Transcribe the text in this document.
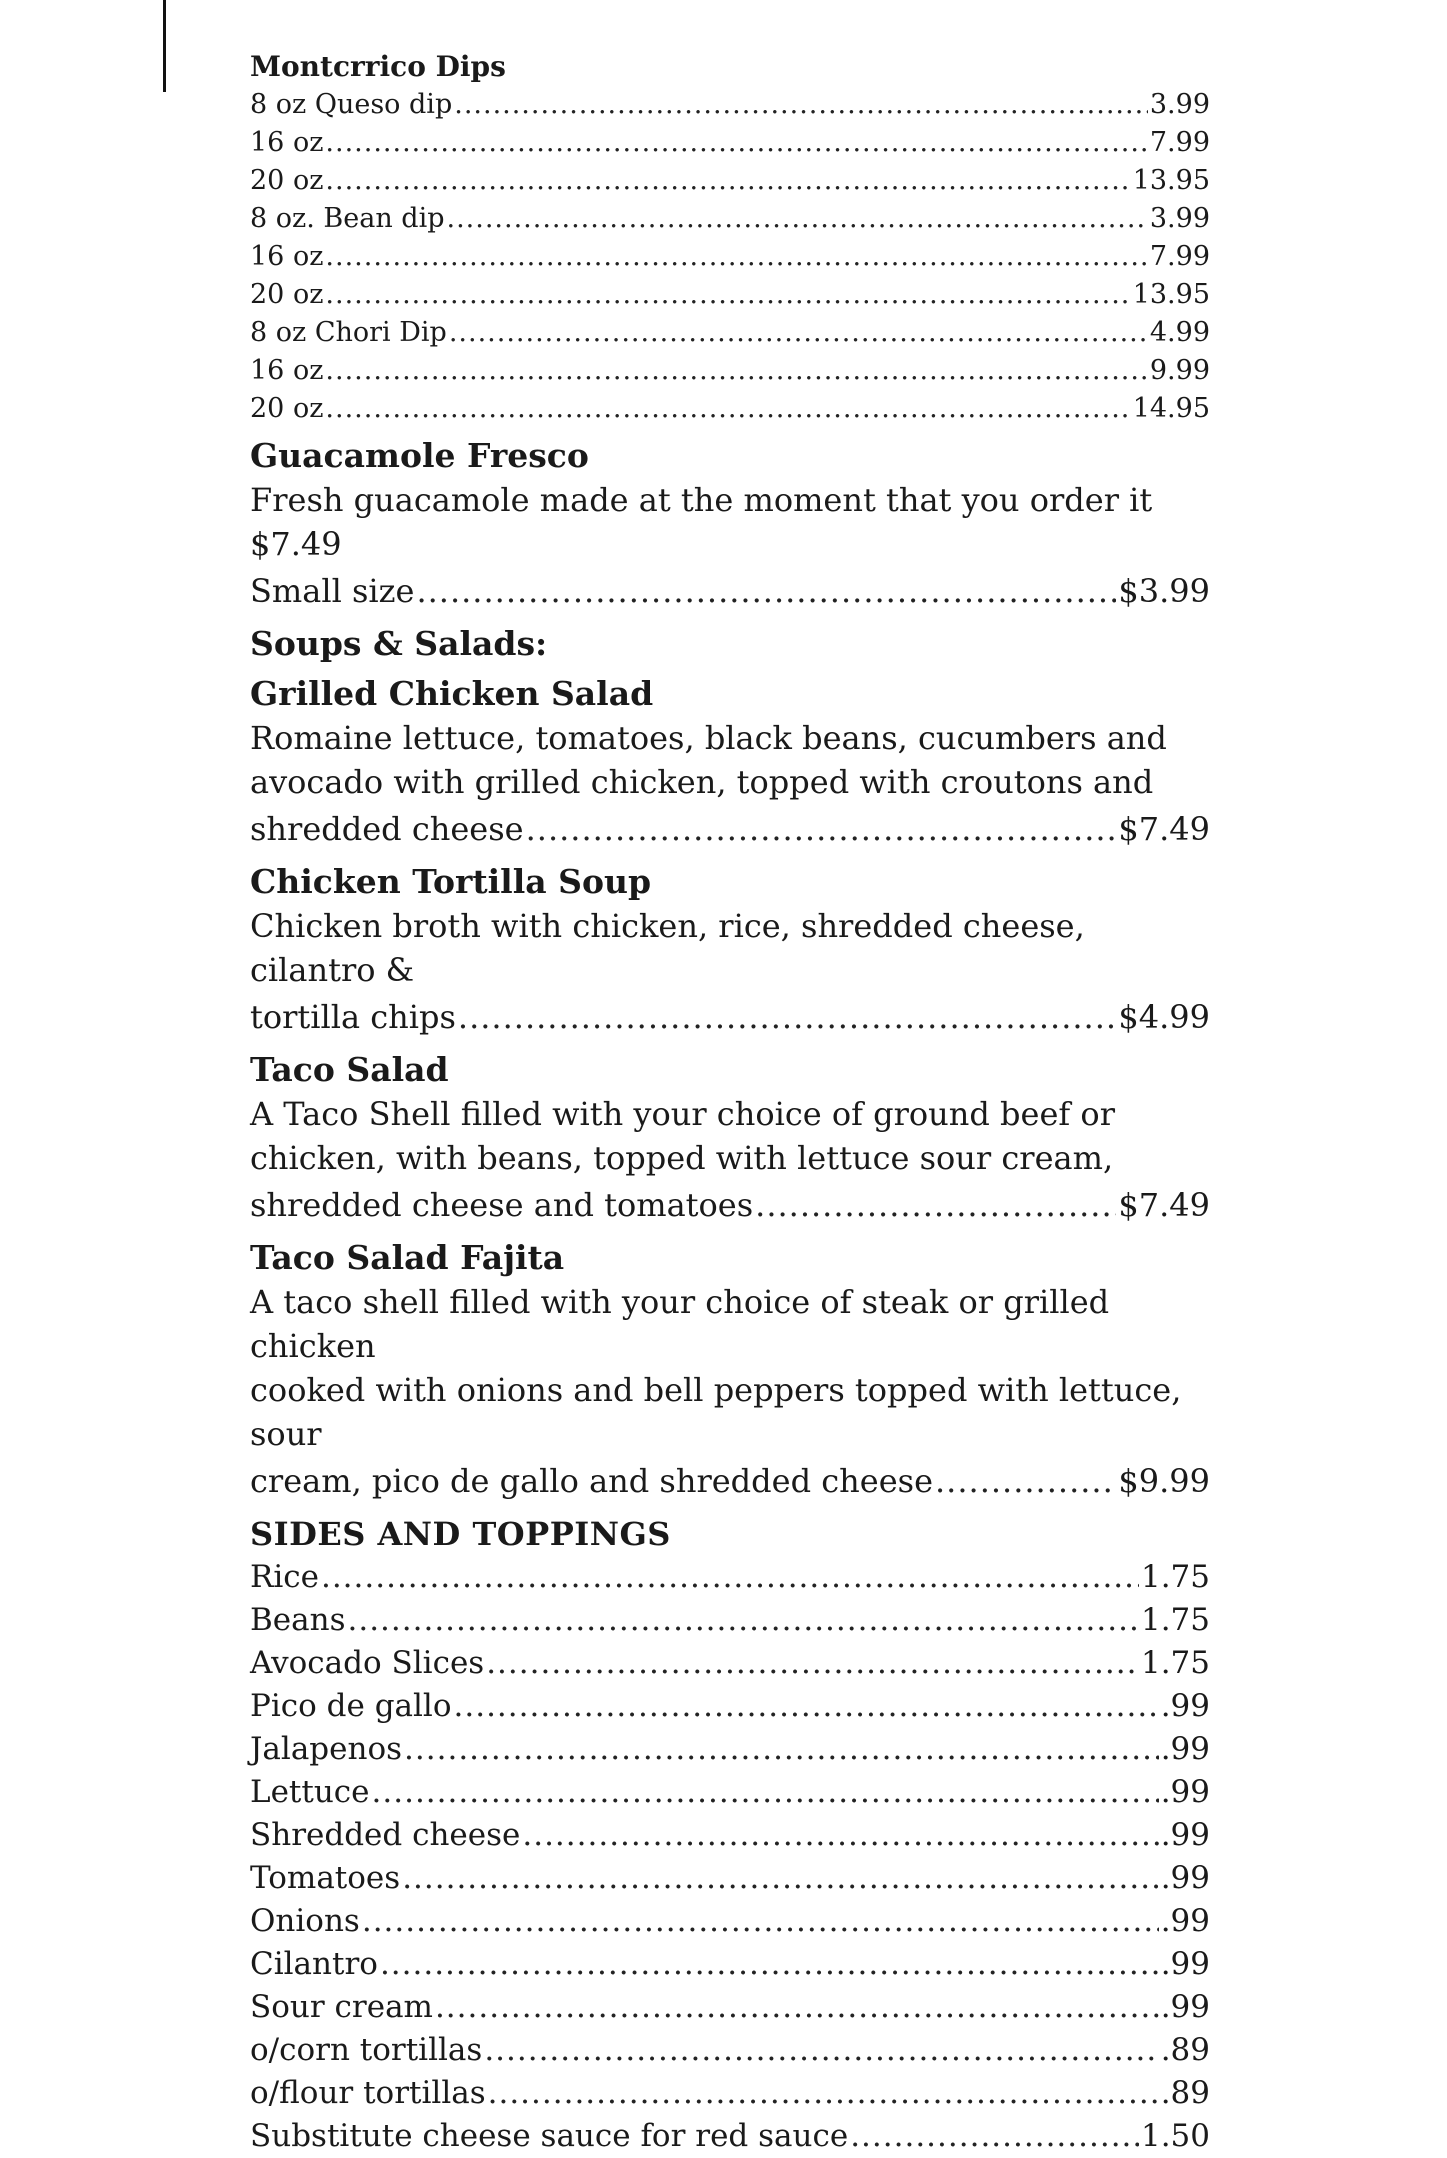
Montcrrico Dips
8 oz Queso dip .....	3.99
16 oz .....	7.99
20 oz .....	13.95
8 oz. Bean dip .....	3.99
16 oz .....	7.99
20 oz .....	13.95
8 oz Chori Dip .....	4.99
16 oz .....	9.99
20 oz .....	14.95
Guacamole Fresco
Fresh guacamole made at the moment that you order it $7.49
Small size .....	$3.99
Soups & Salads:
Grilled Chicken Salad
Romaine lettuce, tomatoes, black beans, cucumbers and
avocado with grilled chicken, topped with croutons and
shredded cheese .....	$7.49
Chicken Tortilla Soup
Chicken broth with chicken, rice, shredded cheese, cilantro &
tortilla chips .....	$4.99
Taco Salad
A Taco Shell filled with your choice of ground beef or
chicken, with beans, topped with lettuce sour cream,
shredded cheese and tomatoes .....	$7.49
Taco Salad Fajita
A taco shell filled with your choice of steak or grilled chicken
cooked with onions and bell peppers topped with lettuce, sour
cream, pico de gallo and shredded cheese .....	$9.99
SIDES AND TOPPINGS
Rice .....	1.75
Beans .....	1.75
Avocado Slices .....	1.75
Pico de gallo .....	.99
Jalapenos .....	.99
Lettuce .....	.99
Shredded cheese .....	.99
Tomatoes .....	.99
Onions .....	.99
Cilantro .....	.99
Sour cream .....	.99
o/corn tortillas .....	.89
o/flour tortillas .....	.89
Substitute cheese sauce for red sauce .....	1.50
